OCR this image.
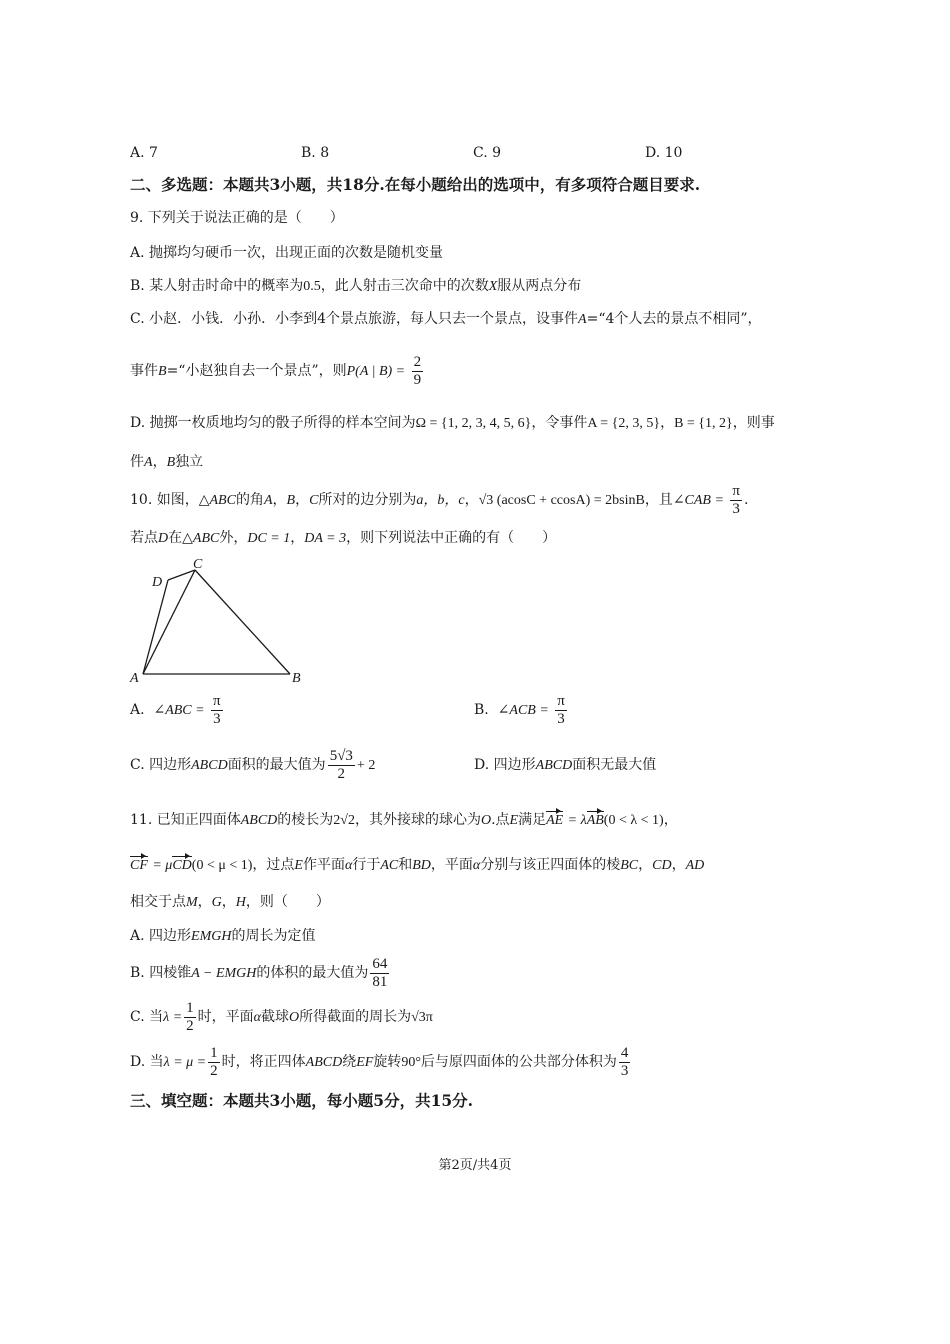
A. 7	B. 8	C. 9	D. 10
二、多选题：本题共3小题，共18分.在每小题给出的选项中，有多项符合题目要求.
9. 下列关于说法正确的是（　　）
A. 抛掷均匀硬币一次，出现正面的次数是随机变量
B. 某人射击时命中的概率为0.5，此人射击三次命中的次数X服从两点分布
C. 小赵．小钱．小孙．小李到4个景点旅游，每人只去一个景点，设事件A=“4个人去的景点不相同”，
事件B=“小赵独自去一个景点”，则P(A | $B) = \frac{2}{9}$
D. 抛掷一枚质地均匀的骰子所得的样本空间为Ω = {1, 2, 3, 4, 5, 6}，令事件A = {2, 3, 5}，B = {1, 2}，则事
件A，B独立
10. 如图，△ABC的角A，B，C所对的边分别为a，b，c，√3 (acosC + ccosA) = 2bsinB，且∠CAB = $\frac{\pi}{3}$ .
若点D在△ABC外，DC = 1，DA = 3，则下列说法中正确的有（　　）
A	B
C
D
A. ∠ABC = $\frac{\pi}{3}$	B. ∠ACB = $\frac{\pi}{3}$
C. 四边形ABCD面积的最大值为 $\frac{5√3}{2} + 2$	D. 四边形ABCD面积无最大值
11. 已知正四面体ABCD的棱长为2√2，其外接球的球心为O.点E满足AE = λAB(0 < λ < 1)，
CF = μCD(0 < μ < 1)，过点E作平面α行于AC和BD，平面α分别与该正四面体的棱BC，CD，AD
相交于点M，G，H，则（　　）
A. 四边形EMGH的周长为定值
B. 四棱锥A − EMGH的体积的最大值为 $\frac{64}{81}$
C. 当$\lambda = \frac{1}{2}$ 时，平面α截球O所得截面的周长为√3π
D. 当$\lambda = \mu = \frac{1}{2}$ 时，将正四体ABCD绕EF旋转90°后与原四面体的公共部分体积为 $\frac{4}{3}$
三、填空题：本题共3小题，每小题5分，共15分.
第2页/共4页
